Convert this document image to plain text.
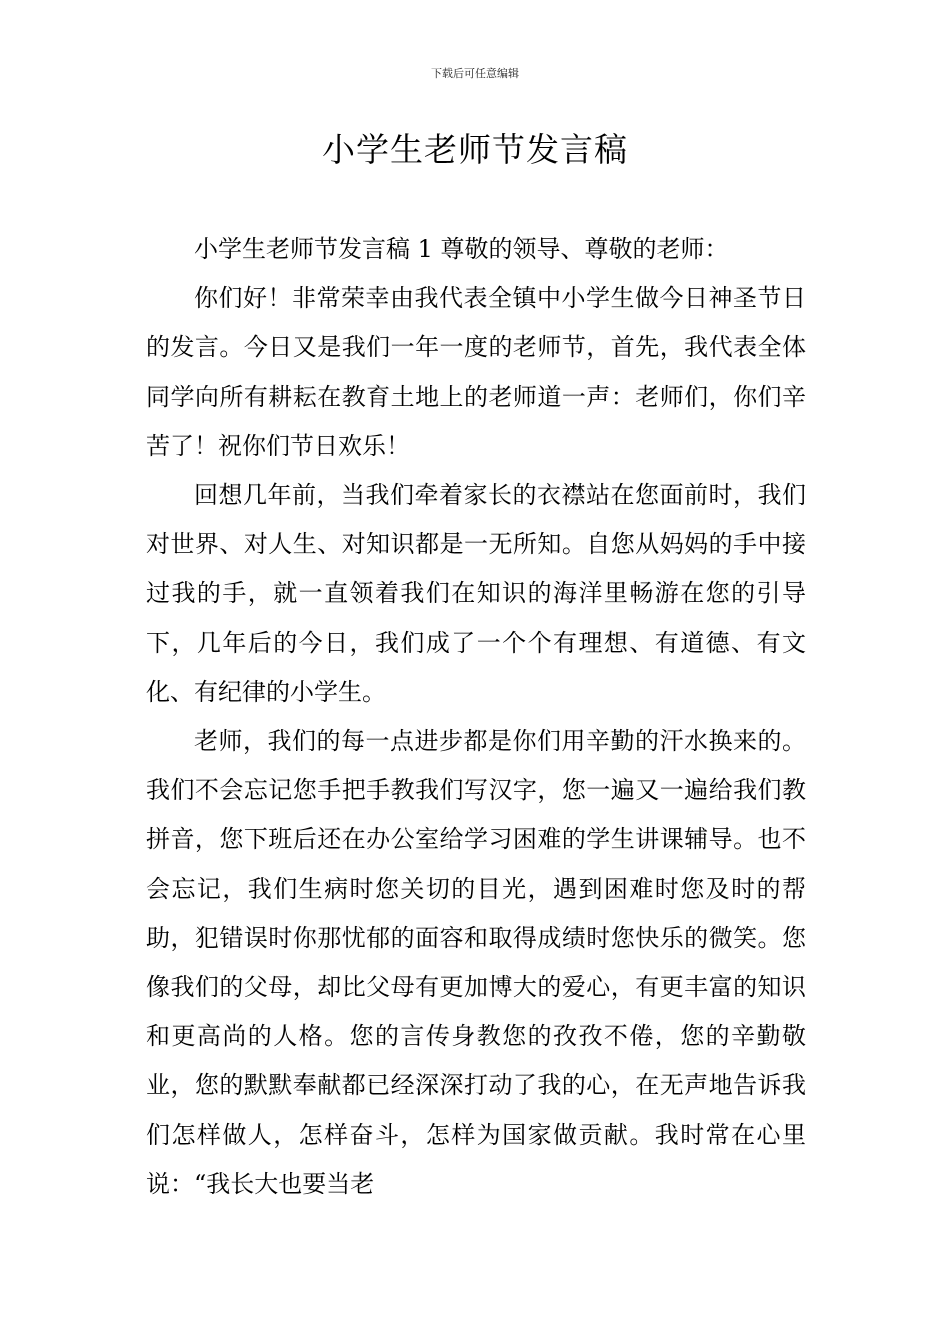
下载后可任意编辑
小学生老师节发言稿

小学生老师节发言稿 1 尊敬的领导、尊敬的老师：

你们好！非常荣幸由我代表全镇中小学生做今日神圣节日的发言。今日又是我们一年一度的老师节，首先，我代表全体同学向所有耕耘在教育土地上的老师道一声：老师们，你们辛苦了！祝你们节日欢乐！

回想几年前，当我们牵着家长的衣襟站在您面前时，我们对世界、对人生、对知识都是一无所知。自您从妈妈的手中接过我的手，就一直领着我们在知识的海洋里畅游在您的引导下，几年后的今日，我们成了一个个有理想、有道德、有文化、有纪律的小学生。

老师，我们的每一点进步都是你们用辛勤的汗水换来的。我们不会忘记您手把手教我们写汉字，您一遍又一遍给我们教拼音，您下班后还在办公室给学习困难的学生讲课辅导。也不会忘记，我们生病时您关切的目光，遇到困难时您及时的帮助，犯错误时你那忧郁的面容和取得成绩时您快乐的微笑。您像我们的父母，却比父母有更加博大的爱心，有更丰富的知识和更高尚的人格。您的言传身教您的孜孜不倦，您的辛勤敬业，您的默默奉献都已经深深打动了我的心，在无声地告诉我们怎样做人，怎样奋斗，怎样为国家做贡献。我时常在心里说：“我长大也要当老
